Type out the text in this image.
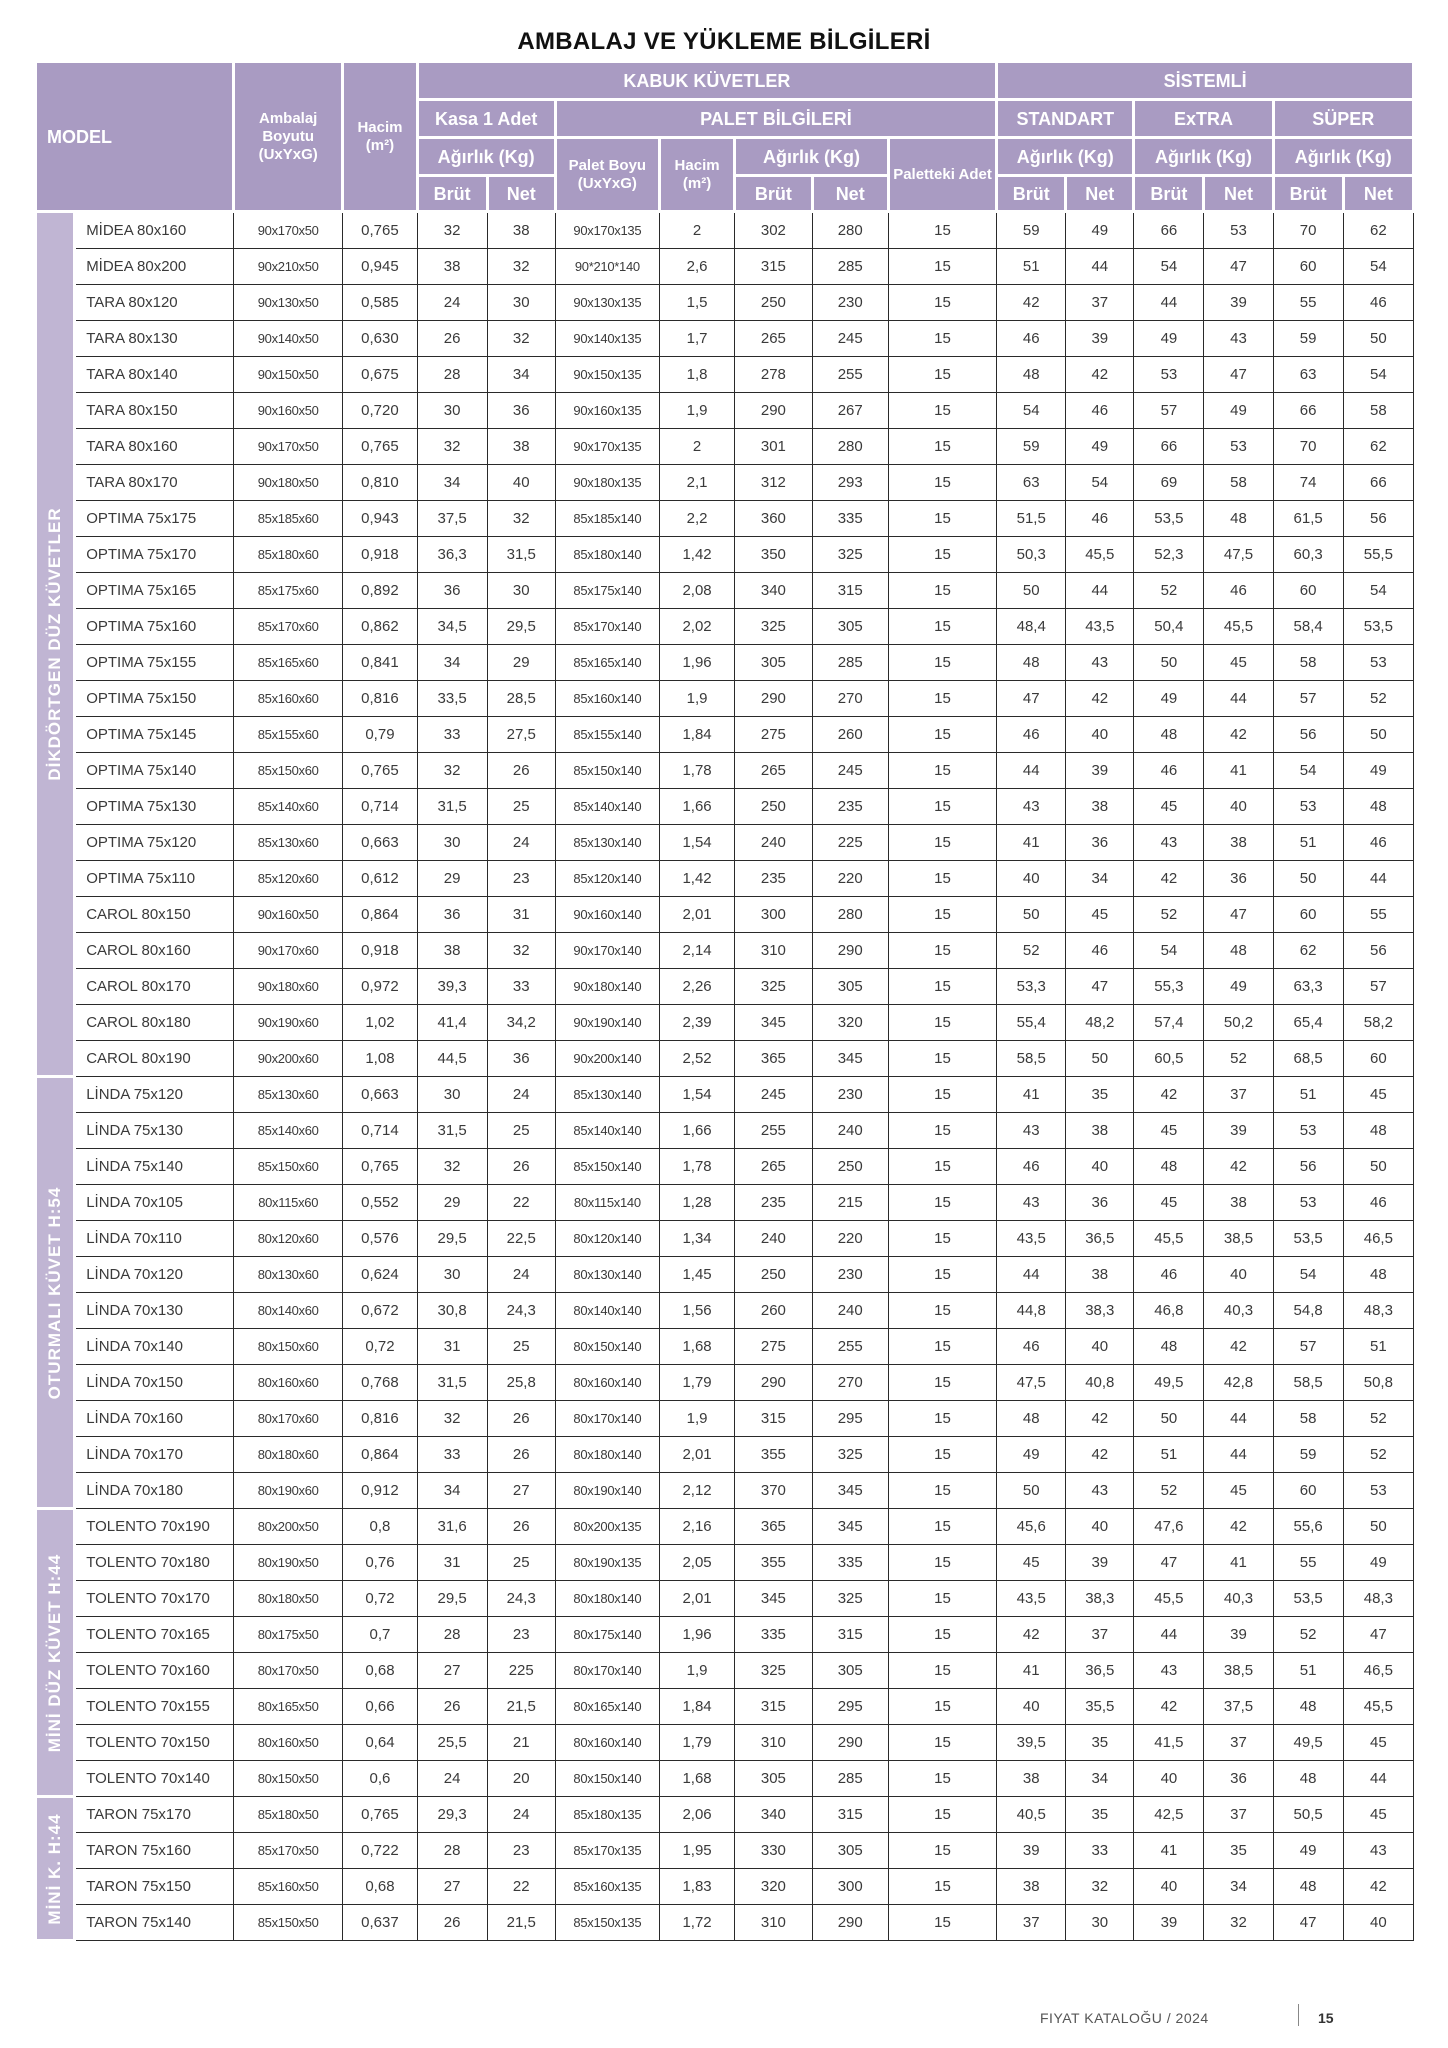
AMBALAJ VE YÜKLEME BİLGİLERİ
MODEL		Ambalaj Boyutu (UxYxG)	Hacim (m²)	KABUK KÜVETLER							SİSTEMLİ					
				Kasa 1 Adet		PALET BİLGİLERİ					STANDART		ExTRA		SÜPER	
				Ağırlık (Kg)		Palet Boyu (UxYxG)	Hacim (m²)	Ağırlık (Kg)		Paletteki Adet	Ağırlık (Kg)		Ağırlık (Kg)		Ağırlık (Kg)	
				Brüt	Net			Brüt	Net		Brüt	Net	Brüt	Net	Brüt	Net

DİKDÖRTGEN DÜZ KÜVETLER	MİDEA 80x160	90x170x50	0,765	32	38	90x170x135	2	302	280	15	59	49	66	53	70	62
	MİDEA 80x200	90x210x50	0,945	38	32	90*210*140	2,6	315	285	15	51	44	54	47	60	54
	TARA 80x120	90x130x50	0,585	24	30	90x130x135	1,5	250	230	15	42	37	44	39	55	46
	TARA 80x130	90x140x50	0,630	26	32	90x140x135	1,7	265	245	15	46	39	49	43	59	50
	TARA 80x140	90x150x50	0,675	28	34	90x150x135	1,8	278	255	15	48	42	53	47	63	54
	TARA 80x150	90x160x50	0,720	30	36	90x160x135	1,9	290	267	15	54	46	57	49	66	58
	TARA 80x160	90x170x50	0,765	32	38	90x170x135	2	301	280	15	59	49	66	53	70	62
	TARA 80x170	90x180x50	0,810	34	40	90x180x135	2,1	312	293	15	63	54	69	58	74	66
	OPTIMA 75x175	85x185x60	0,943	37,5	32	85x185x140	2,2	360	335	15	51,5	46	53,5	48	61,5	56
	OPTIMA 75x170	85x180x60	0,918	36,3	31,5	85x180x140	1,42	350	325	15	50,3	45,5	52,3	47,5	60,3	55,5
	OPTIMA 75x165	85x175x60	0,892	36	30	85x175x140	2,08	340	315	15	50	44	52	46	60	54
	OPTIMA 75x160	85x170x60	0,862	34,5	29,5	85x170x140	2,02	325	305	15	48,4	43,5	50,4	45,5	58,4	53,5
	OPTIMA 75x155	85x165x60	0,841	34	29	85x165x140	1,96	305	285	15	48	43	50	45	58	53
	OPTIMA 75x150	85x160x60	0,816	33,5	28,5	85x160x140	1,9	290	270	15	47	42	49	44	57	52
	OPTIMA 75x145	85x155x60	0,79	33	27,5	85x155x140	1,84	275	260	15	46	40	48	42	56	50
	OPTIMA 75x140	85x150x60	0,765	32	26	85x150x140	1,78	265	245	15	44	39	46	41	54	49
	OPTIMA 75x130	85x140x60	0,714	31,5	25	85x140x140	1,66	250	235	15	43	38	45	40	53	48
	OPTIMA 75x120	85x130x60	0,663	30	24	85x130x140	1,54	240	225	15	41	36	43	38	51	46
	OPTIMA 75x110	85x120x60	0,612	29	23	85x120x140	1,42	235	220	15	40	34	42	36	50	44
	CAROL 80x150	90x160x50	0,864	36	31	90x160x140	2,01	300	280	15	50	45	52	47	60	55
	CAROL 80x160	90x170x60	0,918	38	32	90x170x140	2,14	310	290	15	52	46	54	48	62	56
	CAROL 80x170	90x180x60	0,972	39,3	33	90x180x140	2,26	325	305	15	53,3	47	55,3	49	63,3	57
	CAROL 80x180	90x190x60	1,02	41,4	34,2	90x190x140	2,39	345	320	15	55,4	48,2	57,4	50,2	65,4	58,2
	CAROL 80x190	90x200x60	1,08	44,5	36	90x200x140	2,52	365	345	15	58,5	50	60,5	52	68,5	60

OTURMALI KÜVET H:54	LİNDA 75x120	85x130x60	0,663	30	24	85x130x140	1,54	245	230	15	41	35	42	37	51	45
	LİNDA 75x130	85x140x60	0,714	31,5	25	85x140x140	1,66	255	240	15	43	38	45	39	53	48
	LİNDA 75x140	85x150x60	0,765	32	26	85x150x140	1,78	265	250	15	46	40	48	42	56	50
	LİNDA 70x105	80x115x60	0,552	29	22	80x115x140	1,28	235	215	15	43	36	45	38	53	46
	LİNDA 70x110	80x120x60	0,576	29,5	22,5	80x120x140	1,34	240	220	15	43,5	36,5	45,5	38,5	53,5	46,5
	LİNDA 70x120	80x130x60	0,624	30	24	80x130x140	1,45	250	230	15	44	38	46	40	54	48
	LİNDA 70x130	80x140x60	0,672	30,8	24,3	80x140x140	1,56	260	240	15	44,8	38,3	46,8	40,3	54,8	48,3
	LİNDA 70x140	80x150x60	0,72	31	25	80x150x140	1,68	275	255	15	46	40	48	42	57	51
	LİNDA 70x150	80x160x60	0,768	31,5	25,8	80x160x140	1,79	290	270	15	47,5	40,8	49,5	42,8	58,5	50,8
	LİNDA 70x160	80x170x60	0,816	32	26	80x170x140	1,9	315	295	15	48	42	50	44	58	52
	LİNDA 70x170	80x180x60	0,864	33	26	80x180x140	2,01	355	325	15	49	42	51	44	59	52
	LİNDA 70x180	80x190x60	0,912	34	27	80x190x140	2,12	370	345	15	50	43	52	45	60	53

MİNİ DÜZ KÜVET H:44	TOLENTO 70x190	80x200x50	0,8	31,6	26	80x200x135	2,16	365	345	15	45,6	40	47,6	42	55,6	50
	TOLENTO 70x180	80x190x50	0,76	31	25	80x190x135	2,05	355	335	15	45	39	47	41	55	49
	TOLENTO 70x170	80x180x50	0,72	29,5	24,3	80x180x140	2,01	345	325	15	43,5	38,3	45,5	40,3	53,5	48,3
	TOLENTO 70x165	80x175x50	0,7	28	23	80x175x140	1,96	335	315	15	42	37	44	39	52	47
	TOLENTO 70x160	80x170x50	0,68	27	225	80x170x140	1,9	325	305	15	41	36,5	43	38,5	51	46,5
	TOLENTO 70x155	80x165x50	0,66	26	21,5	80x165x140	1,84	315	295	15	40	35,5	42	37,5	48	45,5
	TOLENTO 70x150	80x160x50	0,64	25,5	21	80x160x140	1,79	310	290	15	39,5	35	41,5	37	49,5	45
	TOLENTO 70x140	80x150x50	0,6	24	20	80x150x140	1,68	305	285	15	38	34	40	36	48	44

MİNİ K. H:44	TARON 75x170	85x180x50	0,765	29,3	24	85x180x135	2,06	340	315	15	40,5	35	42,5	37	50,5	45
	TARON 75x160	85x170x50	0,722	28	23	85x170x135	1,95	330	305	15	39	33	41	35	49	43
	TARON 75x150	85x160x50	0,68	27	22	85x160x135	1,83	320	300	15	38	32	40	34	48	42
	TARON 75x140	85x150x50	0,637	26	21,5	85x150x135	1,72	310	290	15	37	30	39	32	47	40
FIYAT KATALOĞU / 2024	15
